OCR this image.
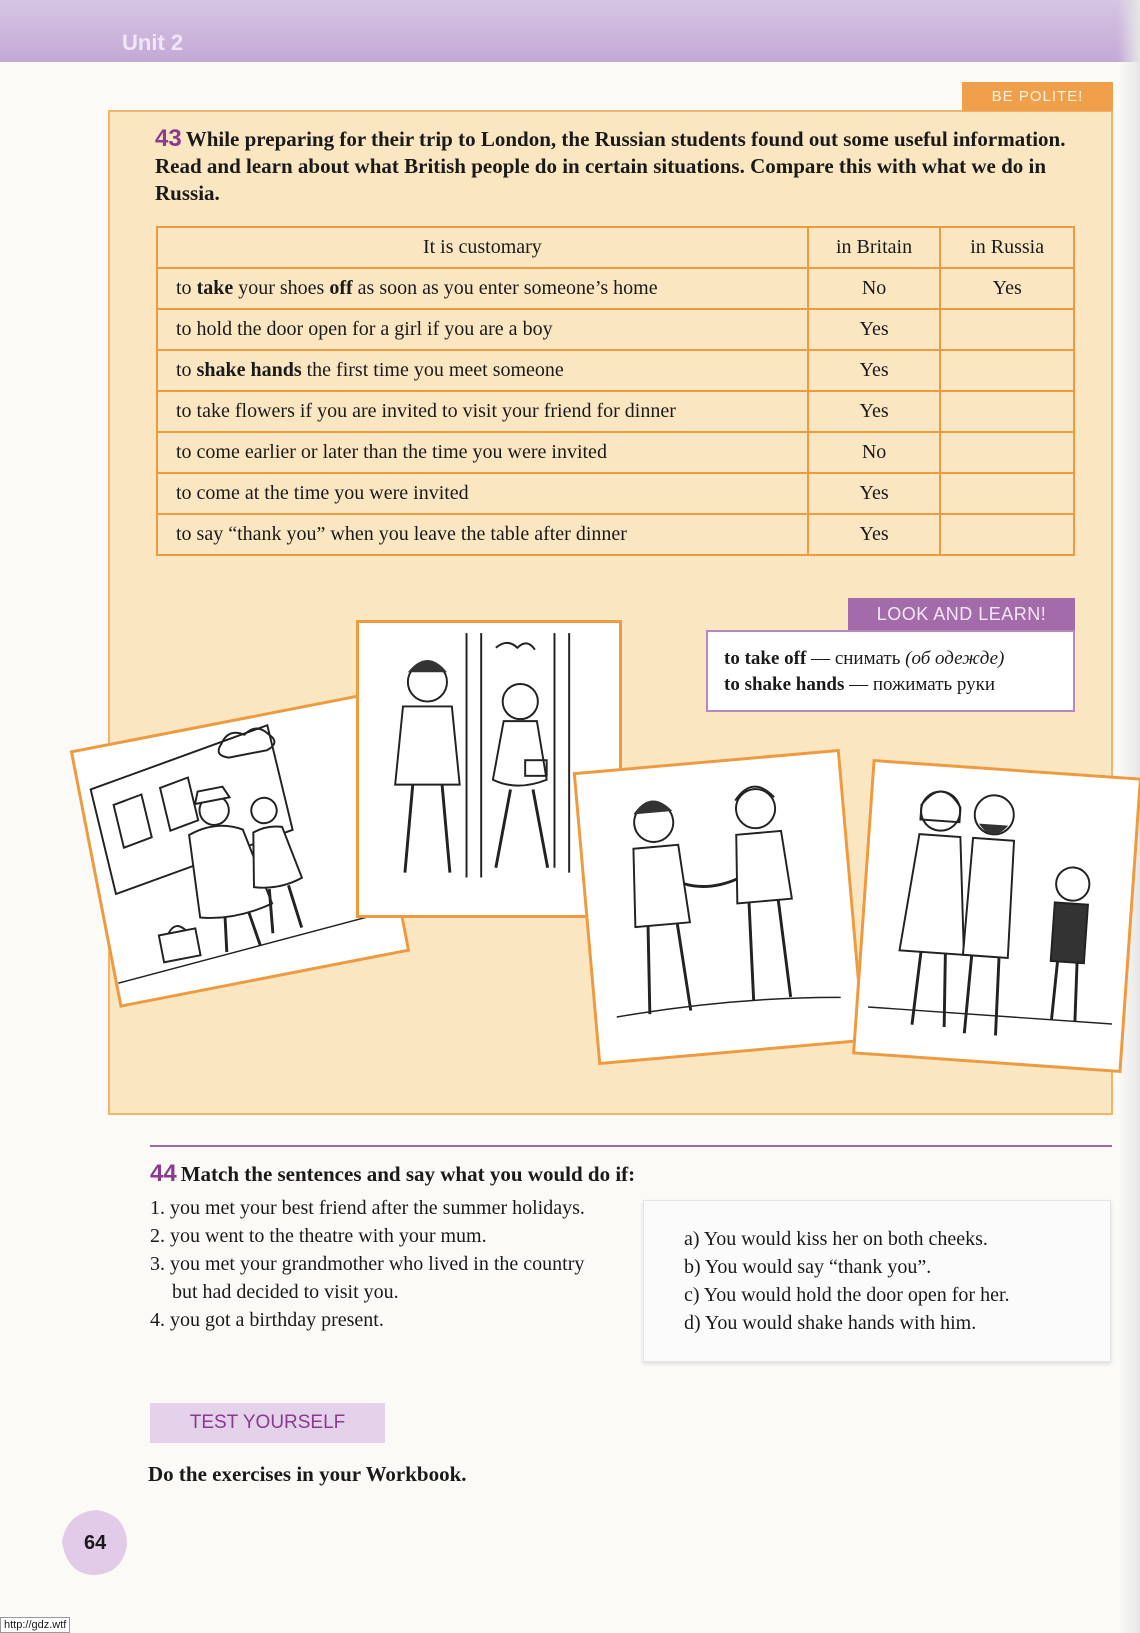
Unit 2
BE POLITE!
43 While preparing for their trip to London, the Russian students found out some useful information. Read and learn about what British people do in certain situations. Compare this with what we do in Russia.
It is customary	in Britain	in Russia
to take your shoes off as soon as you enter someone’s home	No	Yes
to hold the door open for a girl if you are a boy	Yes	
to shake hands the first time you meet someone	Yes	
to take flowers if you are invited to visit your friend for dinner	Yes	
to come earlier or later than the time you were invited	No	
to come at the time you were invited	Yes	
to say “thank you” when you leave the table after dinner	Yes	
LOOK AND LEARN!
to take off — снимать (об одежде)
to shake hands — пожимать руки
44 Match the sentences and say what you would do if:
1. you met your best friend after the summer holidays.
2. you went to the theatre with your mum.
3. you met your grandmother who lived in the country but had decided to visit you.
4. you got a birthday present.
a) You would kiss her on both cheeks.
b) You would say “thank you”.
c) You would hold the door open for her.
d) You would shake hands with him.
TEST YOURSELF
Do the exercises in your Workbook.
64
http://gdz.wtf
